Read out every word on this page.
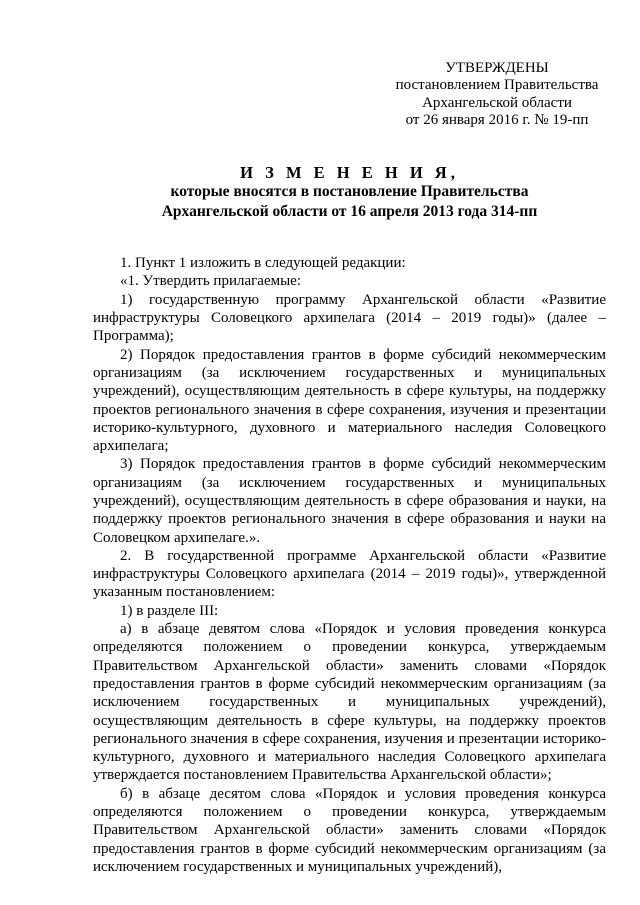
УТВЕРЖДЕНЫ
постановлением Правительства
Архангельской области
от 26 января 2016 г. № 19-пп
И З М Е Н Е Н И Я,
которые вносятся в постановление Правительства
Архангельской области от 16 апреля 2013 года 314-пп

1. Пункт 1 изложить в следующей редакции:

«1. Утвердить прилагаемые:

1) государственную программу Архангельской области «Развитие инфраструктуры Соловецкого архипелага (2014 – 2019 годы)» (далее – Программа);

2) Порядок предоставления грантов в форме субсидий некоммерческим организациям (за исключением государственных и муниципальных учреждений), осуществляющим деятельность в сфере культуры, на поддержку проектов регионального значения в сфере сохранения, изучения и презентации историко-культурного, духовного и материального наследия Соловецкого архипелага;

3) Порядок предоставления грантов в форме субсидий некоммерческим организациям (за исключением государственных и муниципальных учреждений), осуществляющим деятельность в сфере образования и науки, на поддержку проектов регионального значения в сфере образования и науки на Соловецком архипелаге.».

2. В государственной программе Архангельской области «Развитие инфраструктуры Соловецкого архипелага (2014 – 2019 годы)», утвержденной указанным постановлением:

1) в разделе III:

а) в абзаце девятом слова «Порядок и условия проведения конкурса определяются положением о проведении конкурса, утверждаемым Правительством Архангельской области» заменить словами «Порядок предоставления грантов в форме субсидий некоммерческим организациям (за исключением государственных и муниципальных учреждений), осуществляющим деятельность в сфере культуры, на поддержку проектов регионального значения в сфере сохранения, изучения и презентации историко-культурного, духовного и материального наследия Соловецкого архипелага утверждается постановлением Правительства Архангельской области»;

б) в абзаце десятом слова «Порядок и условия проведения конкурса определяются положением о проведении конкурса, утверждаемым Правительством Архангельской области» заменить словами «Порядок предоставления грантов в форме субсидий некоммерческим организациям (за исключением государственных и муниципальных учреждений),
